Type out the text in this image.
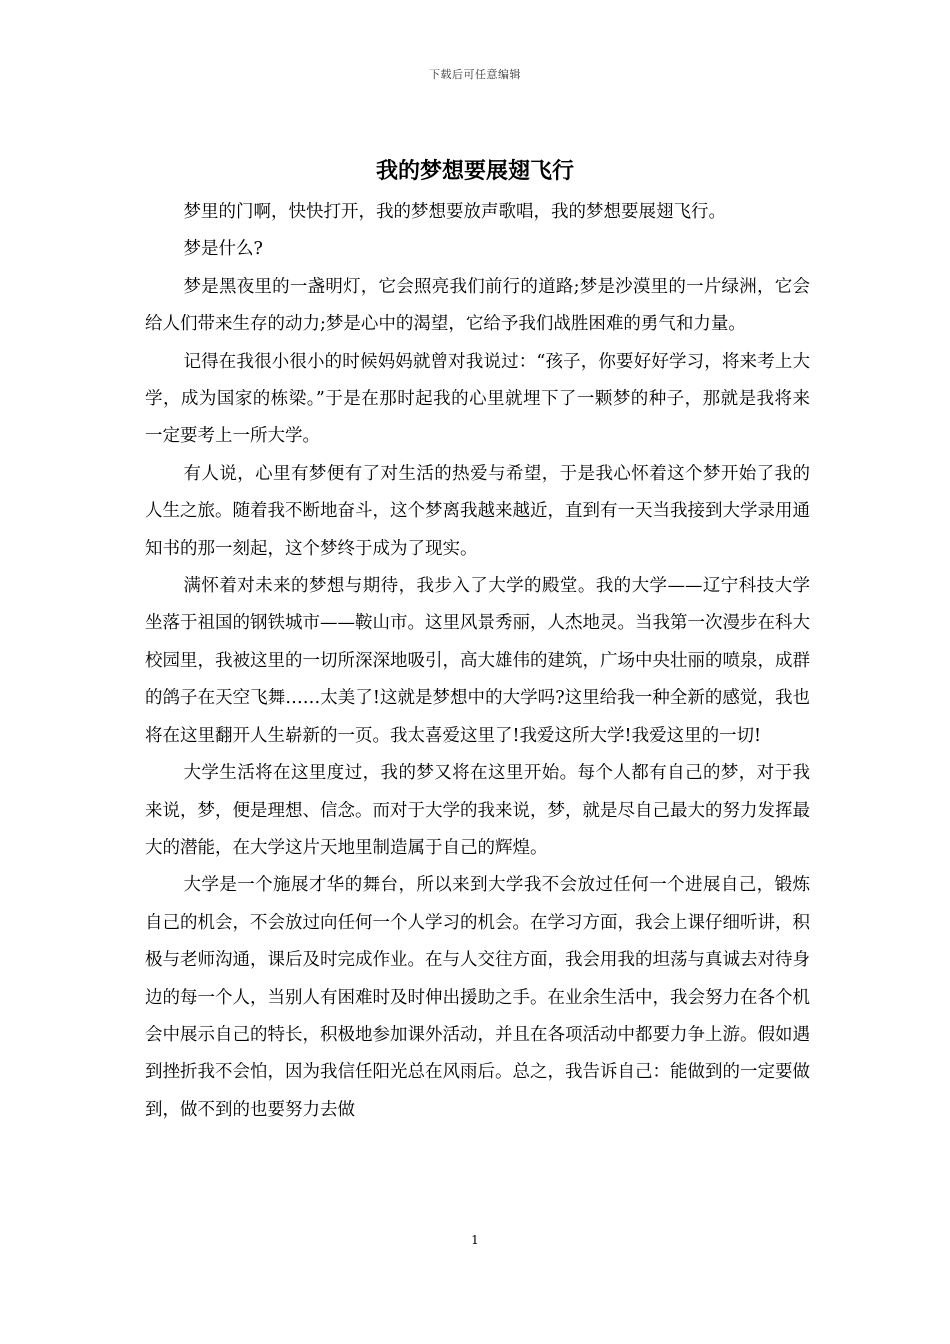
下载后可任意编辑
我的梦想要展翅飞行

梦里的门啊，快快打开，我的梦想要放声歌唱，我的梦想要展翅飞行。

梦是什么?

梦是黑夜里的一盏明灯，它会照亮我们前行的道路;梦是沙漠里的一片绿洲，它会给人们带来生存的动力;梦是心中的渴望，它给予我们战胜困难的勇气和力量。

记得在我很小很小的时候妈妈就曾对我说过：“孩子，你要好好学习，将来考上大学，成为国家的栋梁。”于是在那时起我的心里就埋下了一颗梦的种子，那就是我将来一定要考上一所大学。

有人说，心里有梦便有了对生活的热爱与希望，于是我心怀着这个梦开始了我的人生之旅。随着我不断地奋斗，这个梦离我越来越近，直到有一天当我接到大学录用通知书的那一刻起，这个梦终于成为了现实。

满怀着对未来的梦想与期待，我步入了大学的殿堂。我的大学——辽宁科技大学坐落于祖国的钢铁城市——鞍山市。这里风景秀丽，人杰地灵。当我第一次漫步在科大校园里，我被这里的一切所深深地吸引，高大雄伟的建筑，广场中央壮丽的喷泉，成群的鸽子在天空飞舞……太美了!这就是梦想中的大学吗?这里给我一种全新的感觉，我也将在这里翻开人生崭新的一页。我太喜爱这里了!我爱这所大学!我爱这里的一切!

大学生活将在这里度过，我的梦又将在这里开始。每个人都有自己的梦，对于我来说，梦，便是理想、信念。而对于大学的我来说，梦，就是尽自己最大的努力发挥最大的潜能，在大学这片天地里制造属于自己的辉煌。

大学是一个施展才华的舞台，所以来到大学我不会放过任何一个进展自己，锻炼自己的机会，不会放过向任何一个人学习的机会。在学习方面，我会上课仔细听讲，积极与老师沟通，课后及时完成作业。在与人交往方面，我会用我的坦荡与真诚去对待身边的每一个人，当别人有困难时及时伸出援助之手。在业余生活中，我会努力在各个机会中展示自己的特长，积极地参加课外活动，并且在各项活动中都要力争上游。假如遇到挫折我不会怕，因为我信任阳光总在风雨后。总之，我告诉自己：能做到的一定要做到，做不到的也要努力去做

1
